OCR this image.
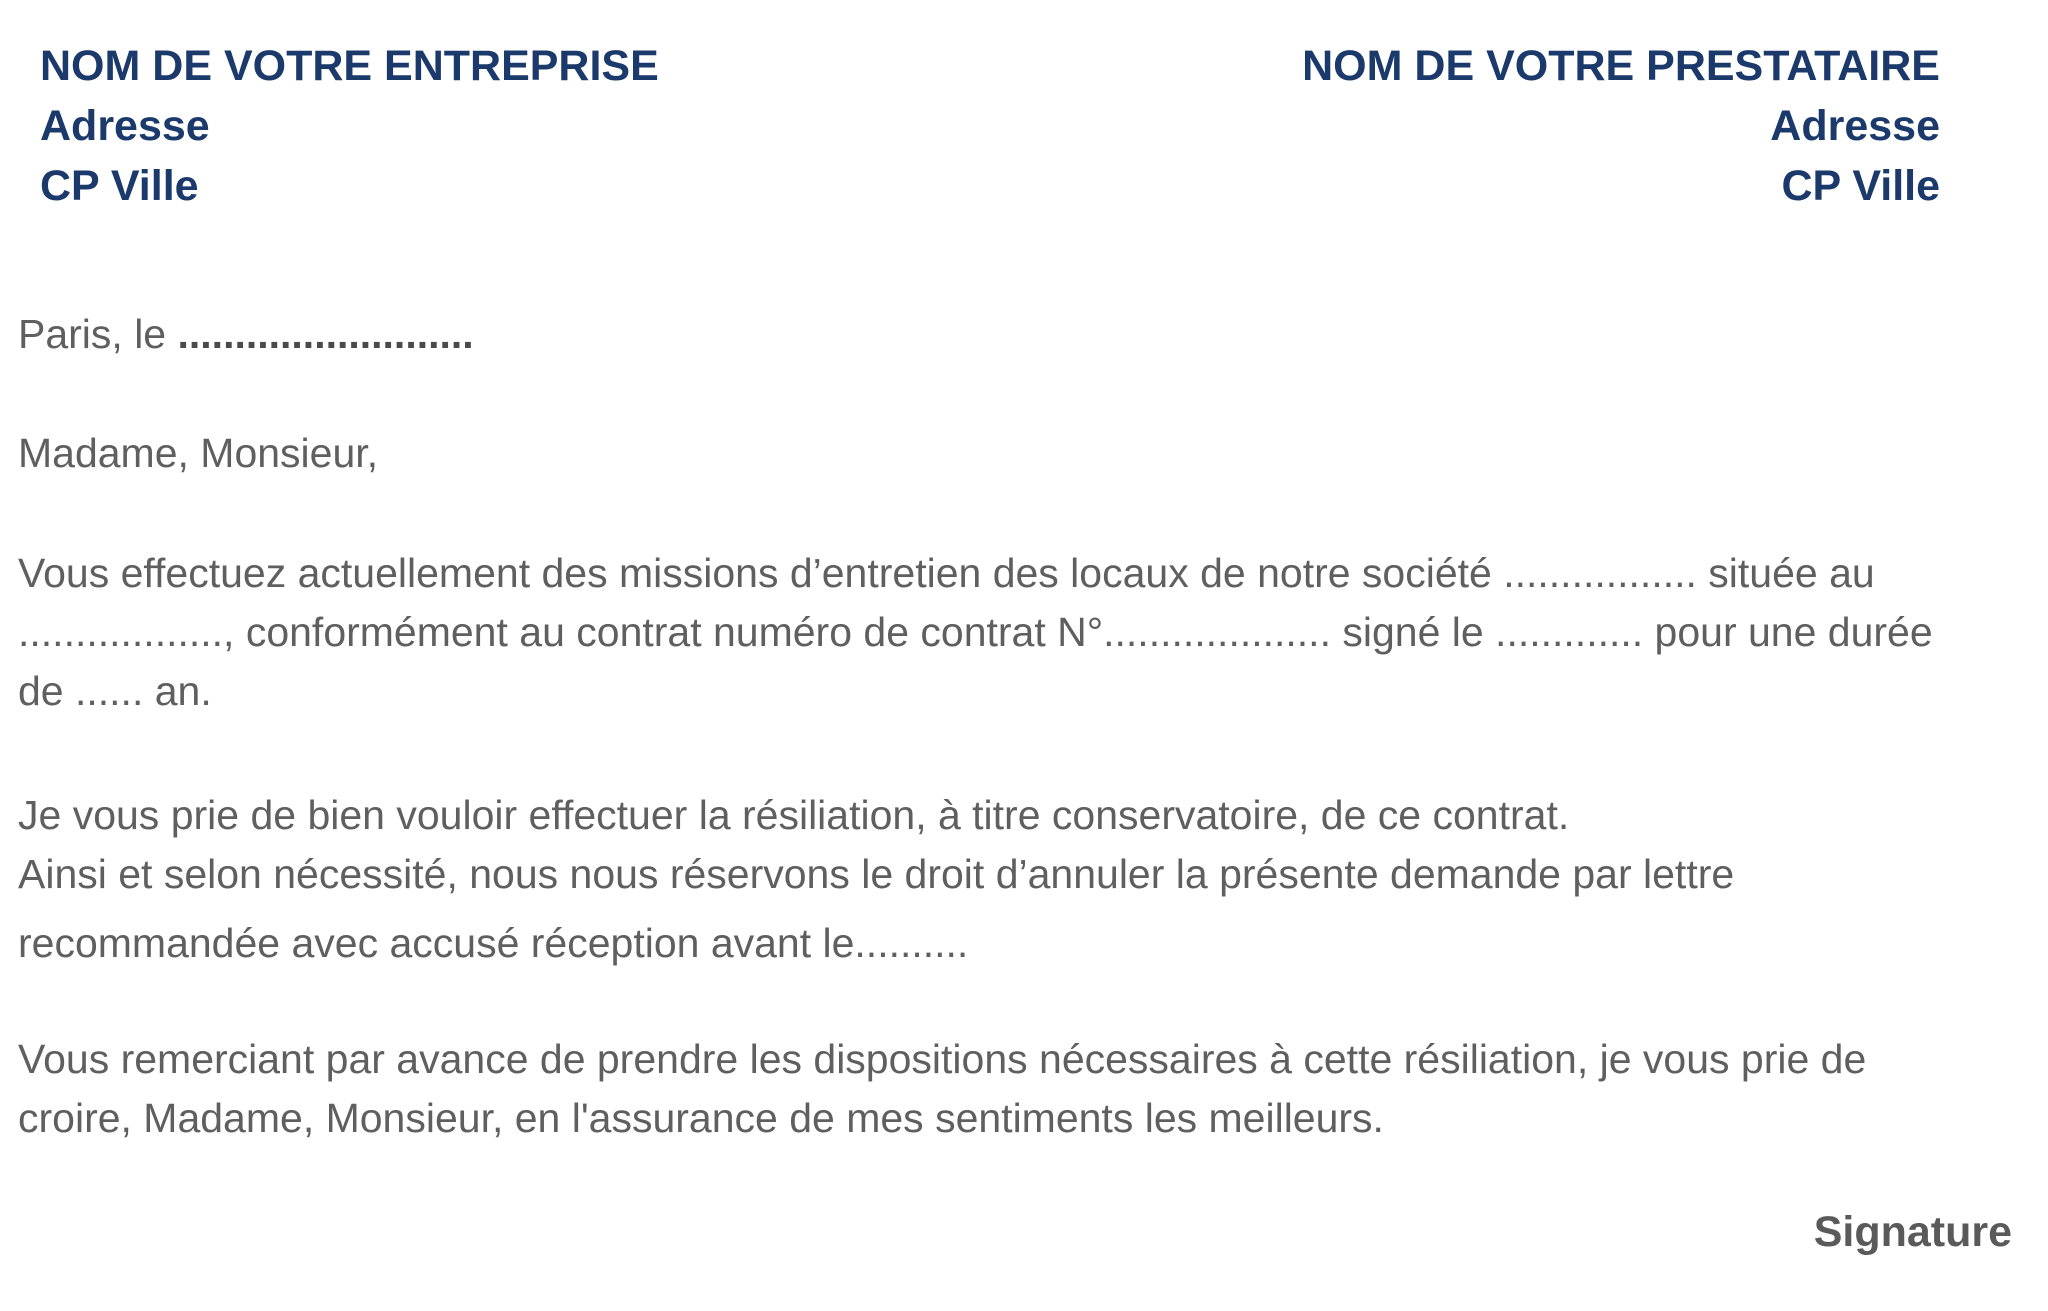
NOM DE VOTRE ENTREPRISE
Adresse
CP Ville
NOM DE VOTRE PRESTATAIRE
Adresse
CP Ville
Paris, le ..........................
Madame, Monsieur,
Vous effectuez actuellement des missions d’entretien des locaux de notre société ................. située au
.................., conformément au contrat numéro de contrat N°.................... signé le ............. pour une durée
de ...... an.
Je vous prie de bien vouloir effectuer la résiliation, à titre conservatoire, de ce contrat.
Ainsi et selon nécessité, nous nous réservons le droit d’annuler la présente demande par lettre
recommandée avec accusé réception avant le..........
Vous remerciant par avance de prendre les dispositions nécessaires à cette résiliation, je vous prie de
croire, Madame, Monsieur, en l'assurance de mes sentiments les meilleurs.
Signature
